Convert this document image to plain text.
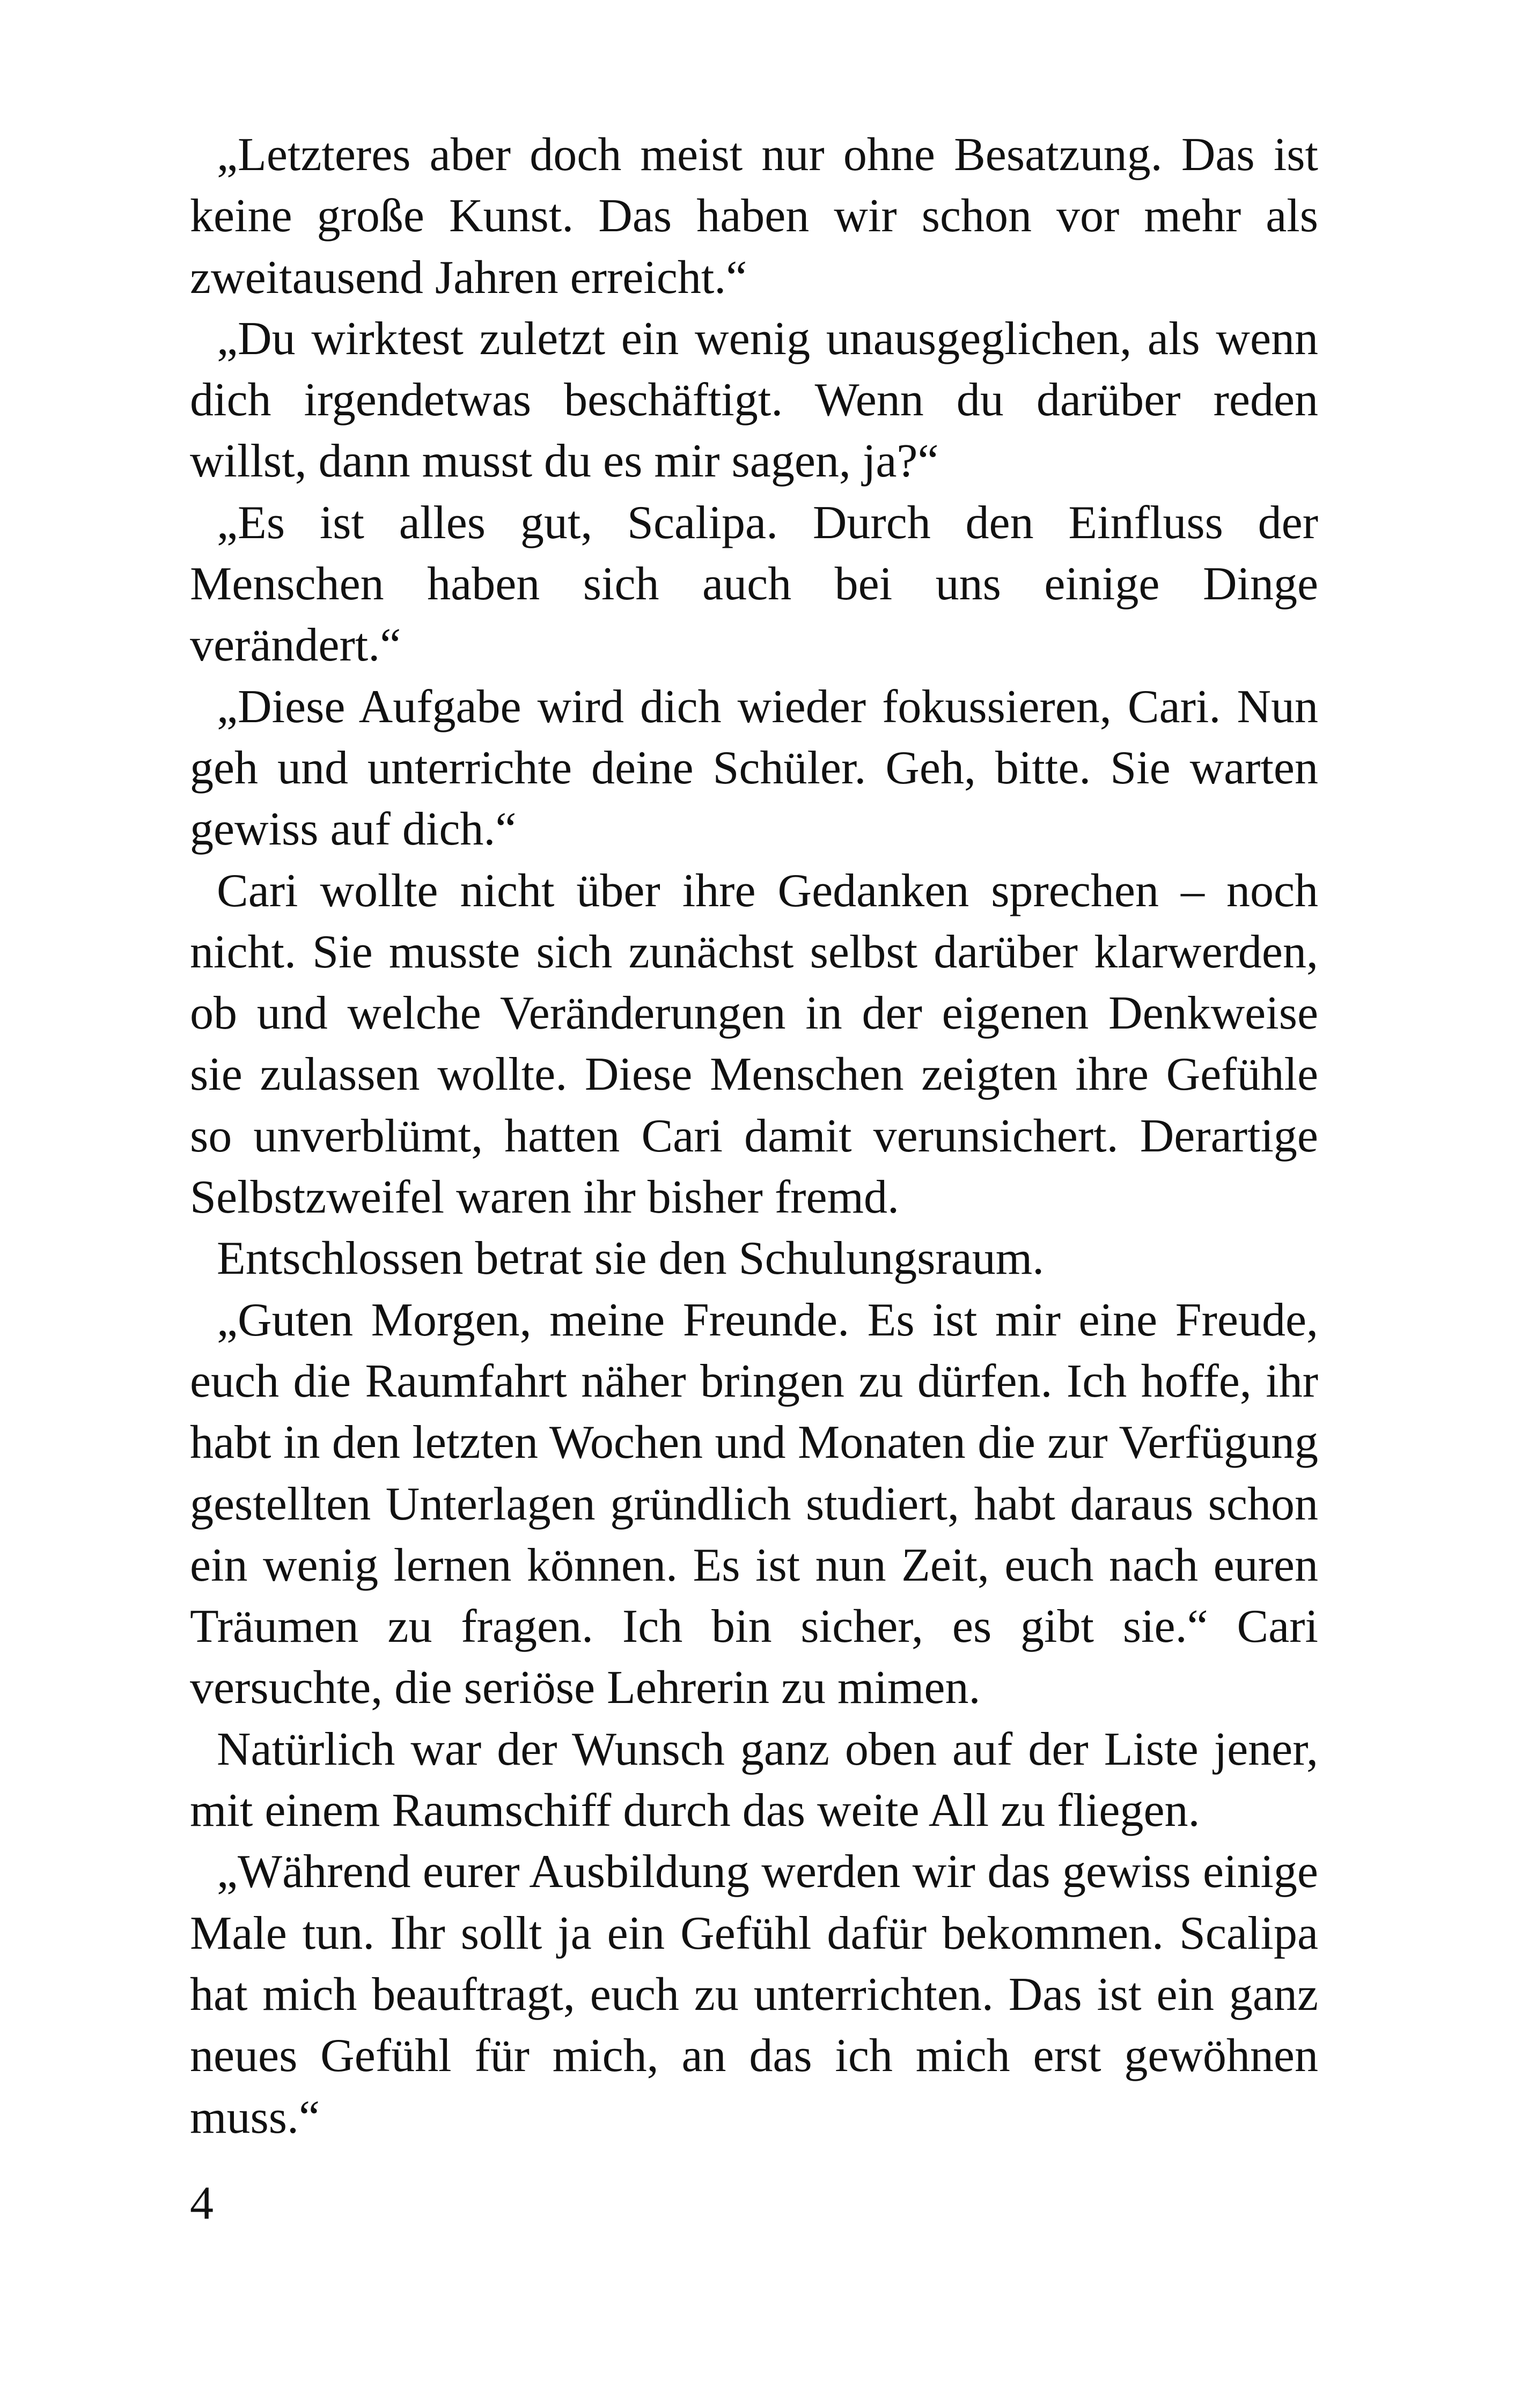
„Letzteres aber doch meist nur ohne Besatzung. Das ist keine große Kunst. Das haben wir schon vor mehr als zweitausend Jahren erreicht.“

„Du wirktest zuletzt ein wenig unausgeglichen, als wenn dich irgendetwas beschäftigt. Wenn du darüber reden willst, dann musst du es mir sagen, ja?“

„Es ist alles gut, Scalipa. Durch den Einfluss der Menschen haben sich auch bei uns einige Dinge verändert.“

„Diese Aufgabe wird dich wieder fokussieren, Cari. Nun geh und unterrichte deine Schüler. Geh, bitte. Sie warten gewiss auf dich.“

Cari wollte nicht über ihre Gedanken sprechen – noch nicht. Sie musste sich zunächst selbst darüber klarwerden, ob und welche Veränderungen in der eigenen Denkweise sie zulassen wollte. Diese Menschen zeigten ihre Gefühle so unverblümt, hatten Cari damit verunsichert. Derartige Selbstzweifel waren ihr bisher fremd.

Entschlossen betrat sie den Schulungsraum.

„Guten Morgen, meine Freunde. Es ist mir eine Freude, euch die Raumfahrt näher bringen zu dürfen. Ich hoffe, ihr habt in den letzten Wochen und Monaten die zur Verfügung gestellten Unterlagen gründlich studiert, habt daraus schon ein wenig lernen können. Es ist nun Zeit, euch nach euren Träumen zu fragen. Ich bin sicher, es gibt sie.“ Cari versuchte, die seriöse Lehrerin zu mimen.

Natürlich war der Wunsch ganz oben auf der Liste jener, mit einem Raumschiff durch das weite All zu fliegen.

„Während eurer Ausbildung werden wir das gewiss einige Male tun. Ihr sollt ja ein Gefühl dafür bekommen. Scalipa hat mich beauftragt, euch zu unterrichten. Das ist ein ganz neues Gefühl für mich, an das ich mich erst gewöhnen muss.“

4
